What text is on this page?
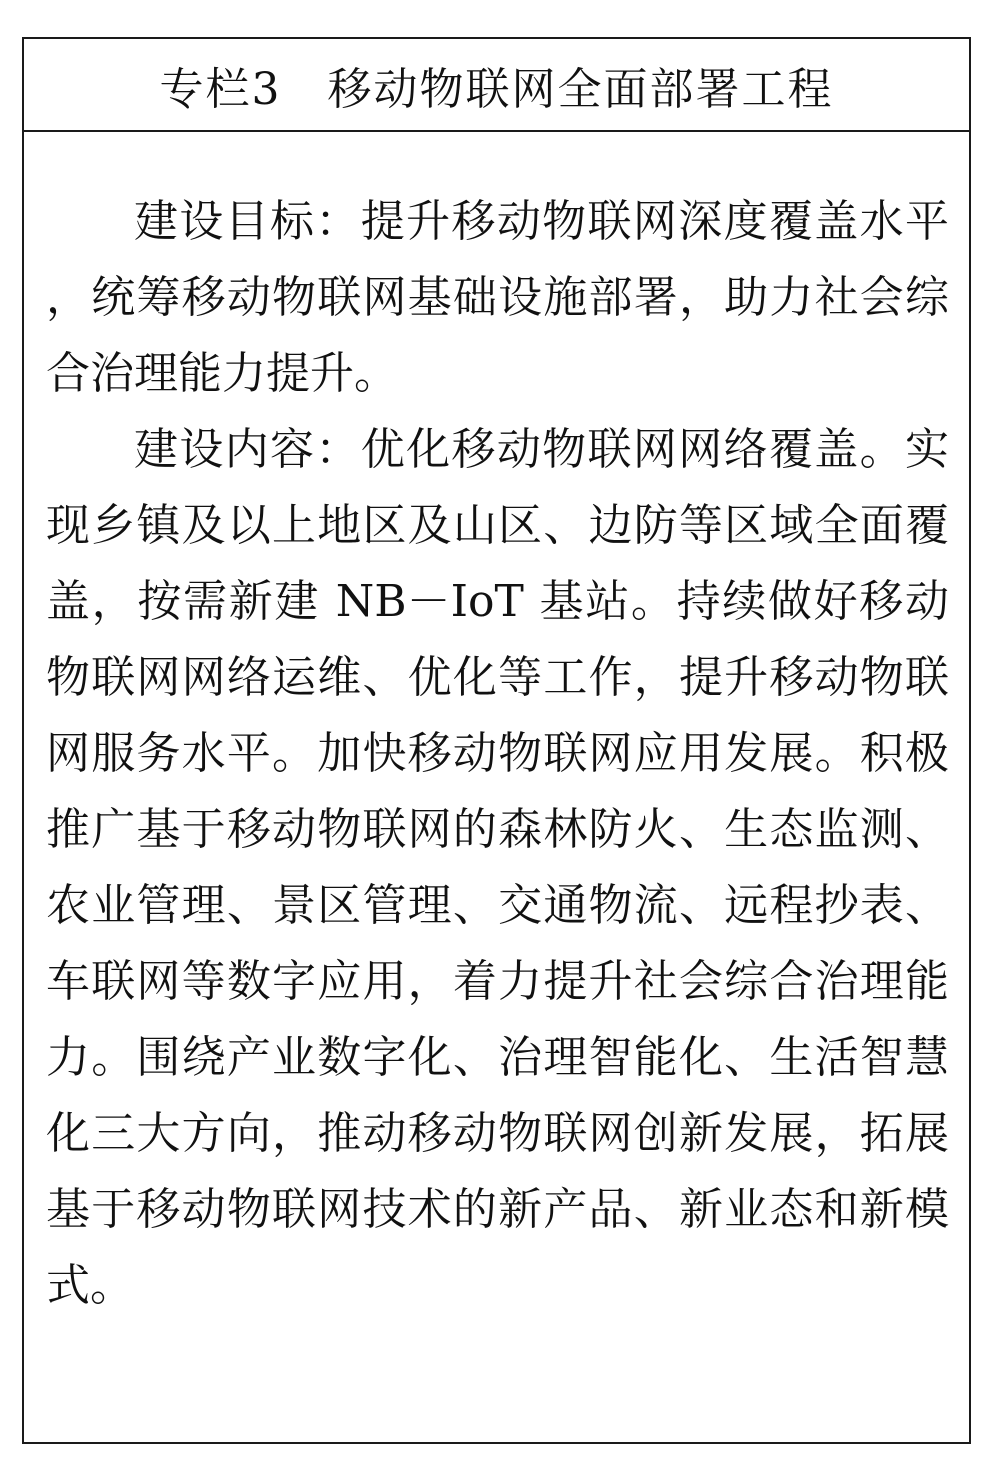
专栏3　移动物联网全面部署工程

建设目标：提升移动物联网深度覆盖水平，统筹移动物联网基础设施部署，助力社会综合治理能力提升。

建设内容：优化移动物联网网络覆盖。实现乡镇及以上地区及山区、边防等区域全面覆盖，按需新建 NB－IoT 基站。持续做好移动物联网网络运维、优化等工作，提升移动物联网服务水平。加快移动物联网应用发展。积极推广基于移动物联网的森林防火、生态监测、农业管理、景区管理、交通物流、远程抄表、车联网等数字应用，着力提升社会综合治理能力。围绕产业数字化、治理智能化、生活智慧化三大方向，推动移动物联网创新发展，拓展基于移动物联网技术的新产品、新业态和新模式。
